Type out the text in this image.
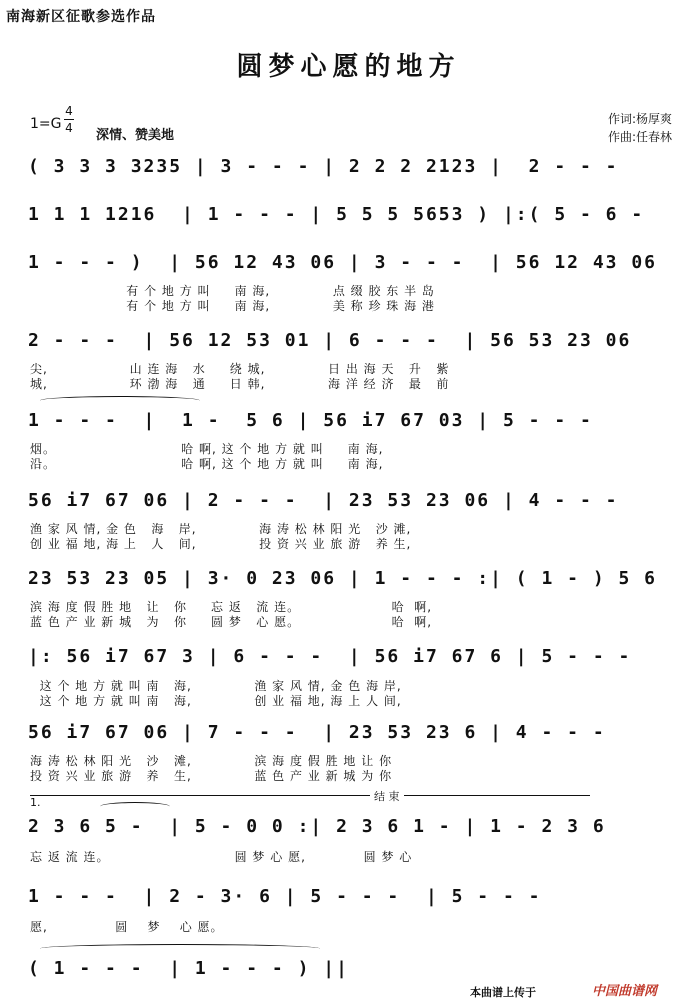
南海新区征歌参选作品
圆梦心愿的地方
1=G
4
4 深情、赞美地
作词:杨厚爽
作曲:任春林
( 3 3 3 3235 | 3 - - - | 2 2 2 2123 |  2 - - -
1 1 1 1216  | 1 - - - | 5 5 5 5653 ) |:( 5 - 6 -
1 - - - )  | 56 12 43 06 | 3 - - -  | 56 12 43 06
有 个 地 方 叫     南 海,             点 缀 胶 东 半 岛
有 个 地 方 叫     南 海,             美 称 珍 珠 海 港
2 - - -  | 56 12 53 01 | 6 - - -  | 56 53 23 06
尖,                 山 连 海   水     绕 城,             日 出 海 天   升   紫
城,                 环 渤 海   通     日 韩,             海 洋 经 济   最   前
1 - - -  |  1 -  5 6 | 56 i7 67 03 | 5 - - -
烟。                          哈 啊, 这 个 地 方 就 叫     南 海,
沿。                          哈 啊, 这 个 地 方 就 叫     南 海,
56 i7 67 06 | 2 - - -  | 23 53 23 06 | 4 - - -
渔 家 风 情, 金 色   海   岸,             海 涛 松 林 阳 光   沙 滩,
创 业 福 地, 海 上   人   间,             投 资 兴 业 旅 游   养 生,
23 53 23 05 | 3· 0 23 06 | 1 - - - :| ( 1 - ) 5 6
滨 海 度 假 胜 地   让   你     忘 返   流 连。                   哈  啊,
蓝 色 产 业 新 城   为   你     圆 梦   心 愿。                   哈  啊,
|: 56 i7 67 3 | 6 - - -  | 56 i7 67 6 | 5 - - -
这 个 地 方 就 叫 南   海,             渔 家 风 情, 金 色 海 岸,
这 个 地 方 就 叫 南   海,             创 业 福 地, 海 上 人 间,
56 i7 67 06 | 7 - - -  | 23 53 23 6 | 4 - - -
海 涛 松 林 阳 光   沙   滩,             滨 海 度 假 胜 地 让 你
投 资 兴 业 旅 游   养   生,             蓝 色 产 业 新 城 为 你
1.	结 束
2 3 6 5 -  | 5 - 0 0 :| 2 3 6 1 - | 1 - 2 3 6
忘 返 流 连。                          圆 梦 心 愿,            圆 梦 心
1 - - -  | 2 - 3· 6 | 5 - - -  | 5 - - -
愿,              圆    梦    心 愿。
( 1 - - -  | 1 - - - ) ||
本曲谱上传于	中国曲谱网
